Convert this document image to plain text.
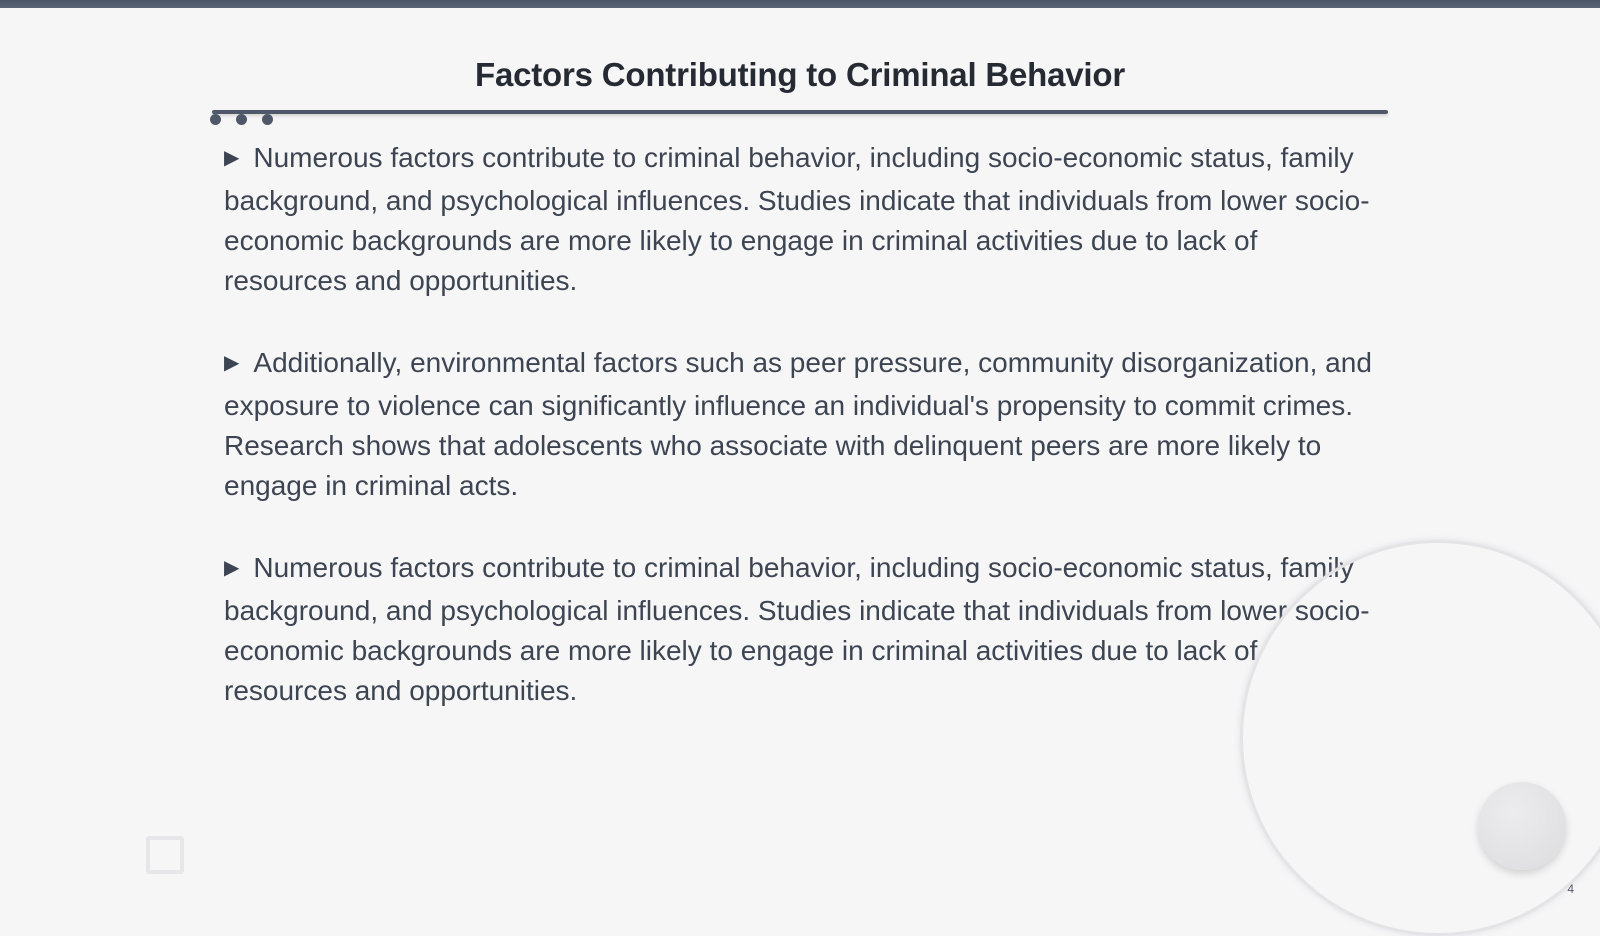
Factors Contributing to Criminal Behavior

▶ Numerous factors contribute to criminal behavior, including socio-economic status, family background, and psychological influences. Studies indicate that individuals from lower socio-economic backgrounds are more likely to engage in criminal activities due to lack of resources and opportunities.

▶ Additionally, environmental factors such as peer pressure, community disorganization, and exposure to violence can significantly influence an individual's propensity to commit crimes. Research shows that adolescents who associate with delinquent peers are more likely to engage in criminal acts.

▶ Numerous factors contribute to criminal behavior, including socio-economic status, family background, and psychological influences. Studies indicate that individuals from lower socio-economic backgrounds are more likely to engage in criminal activities due to lack of resources and opportunities.

4
